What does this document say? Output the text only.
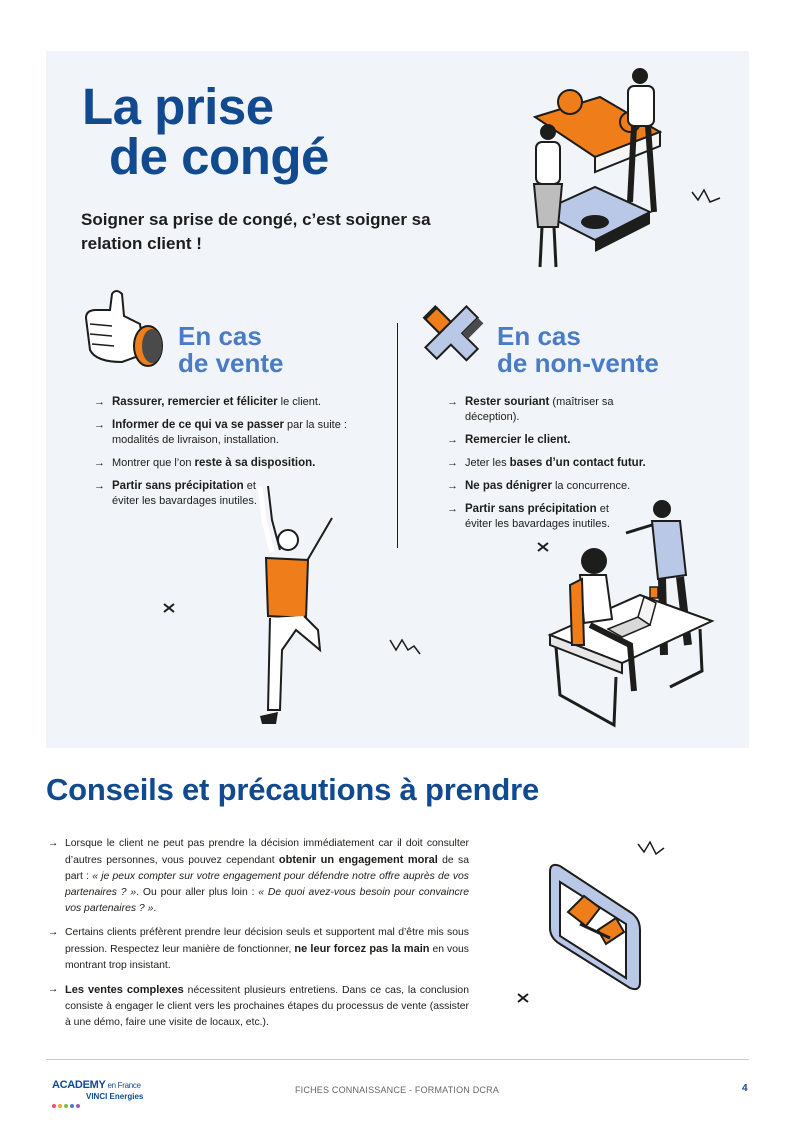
La prise
de congé

Soigner sa prise de congé, c’est soigner sa relation client !

En cas
de vente
→ Rassurer, remercier et féliciter le client.
→ Informer de ce qui va se passer par la suite : modalités de livraison, installation.
→ Montrer que l’on reste à sa disposition.
→ Partir sans précipitation et éviter les bavardages inutiles.
En cas
de non-vente
→ Rester souriant (maîtriser sa déception).
→ Remercier le client.
→ Jeter les bases d’un contact futur.
→ Ne pas dénigrer la concurrence.
→ Partir sans précipitation et éviter les bavardages inutiles.
Conseils et précautions à prendre
→ Lorsque le client ne peut pas prendre la décision immédiatement car il doit consulter d’autres personnes, vous pouvez cependant obtenir un engagement moral de sa part : « je peux compter sur votre engagement pour défendre notre offre auprès de vos partenaires ? ». Ou pour aller plus loin : « De quoi avez-vous besoin pour convaincre vos partenaires ? ».
→ Certains clients préfèrent prendre leur décision seuls et supportent mal d’être mis sous pression. Respectez leur manière de fonctionner, ne leur forcez pas la main en vous montrant trop insistant.
→ Les ventes complexes nécessitent plusieurs entretiens. Dans ce cas, la conclusion consiste à engager le client vers les prochaines étapes du processus de vente (assister à une démo, faire une visite de locaux, etc.).
ACADEMY en France
VINCI Energies
FICHES CONNAISSANCE - FORMATION DCRA	4
